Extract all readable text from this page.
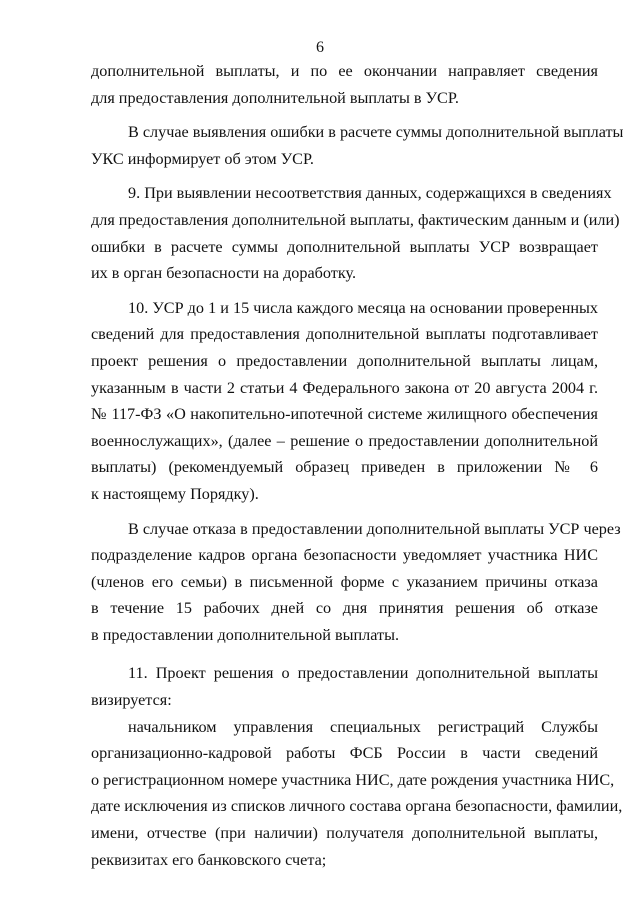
6

дополнительной выплаты, и по ее окончании направляет сведения
для предоставления дополнительной выплаты в УСР.

В случае выявления ошибки в расчете суммы дополнительной выплаты
УКС информирует об этом УСР.

9. При выявлении несоответствия данных, содержащихся в сведениях
для предоставления дополнительной выплаты, фактическим данным и (или)
ошибки в расчете суммы дополнительной выплаты УСР возвращает
их в орган безопасности на доработку.

10. УСР до 1 и 15 числа каждого месяца на основании проверенных
сведений для предоставления дополнительной выплаты подготавливает
проект решения о предоставлении дополнительной выплаты лицам,
указанным в части 2 статьи 4 Федерального закона от 20 августа 2004 г.
№ 117-ФЗ «О накопительно-ипотечной системе жилищного обеспечения
военнослужащих», (далее – решение о предоставлении дополнительной
выплаты) (рекомендуемый образец приведен в приложении № 6
к настоящему Порядку).

В случае отказа в предоставлении дополнительной выплаты УСР через
подразделение кадров органа безопасности уведомляет участника НИС
(членов его семьи) в письменной форме с указанием причины отказа
в течение 15 рабочих дней со дня принятия решения об отказе
в предоставлении дополнительной выплаты.

11. Проект решения о предоставлении дополнительной выплаты
визируется:

начальником управления специальных регистраций Службы
организационно-кадровой работы ФСБ России в части сведений
о регистрационном номере участника НИС, дате рождения участника НИС,
дате исключения из списков личного состава органа безопасности, фамилии,
имени, отчестве (при наличии) получателя дополнительной выплаты,
реквизитах его банковского счета;
